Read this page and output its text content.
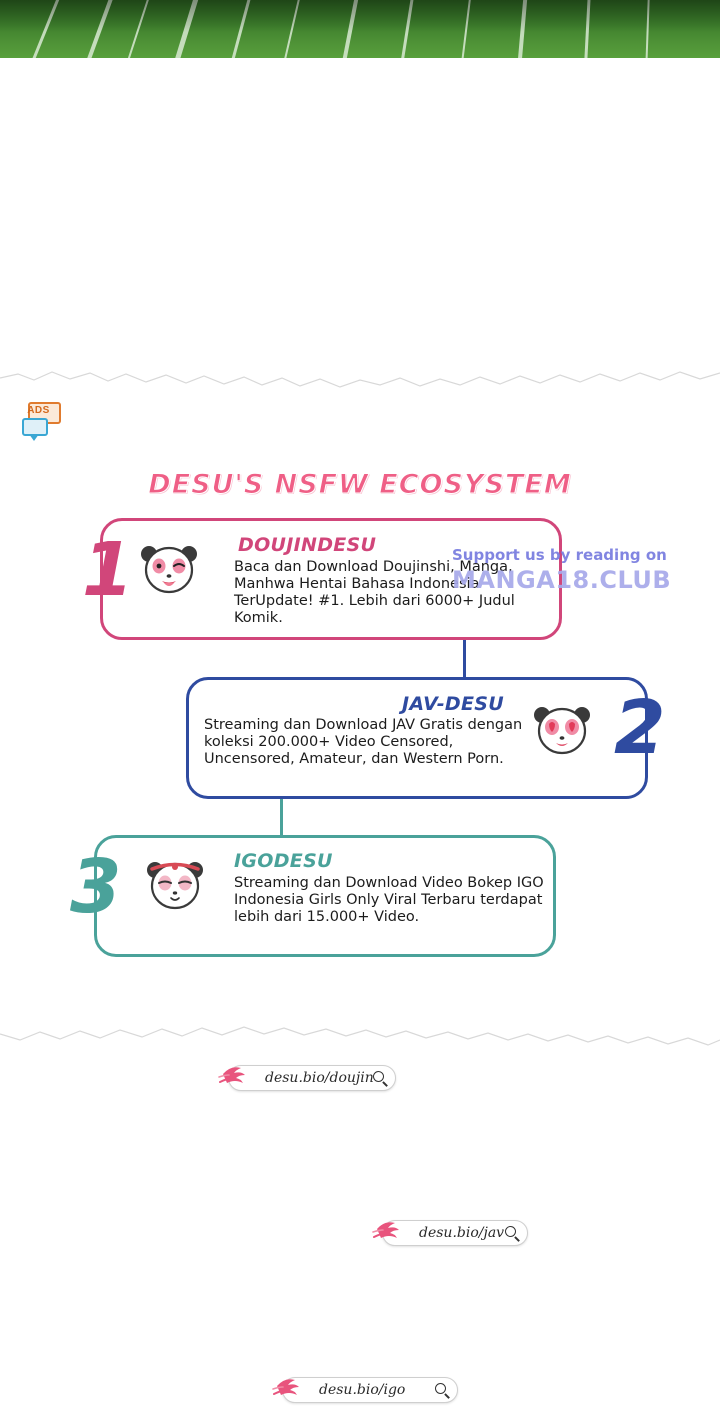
ADS
DESU'S NSFW ECOSYSTEM
1	DOUJINDESU
Baca dan Download Doujinshi, Manga, Manhwa Hentai Bahasa Indonesia TerUpdate! #1. Lebih dari 6000+ Judul Komik.
desu.bio/doujin
2
JAV-DESU
Streaming dan Download JAV Gratis dengan koleksi 200.000+ Video Censored, Uncensored, Amateur, dan Western Porn.
desu.bio/jav
3	IGODESU
Streaming dan Download Video Bokep IGO Indonesia Girls Only Viral Terbaru terdapat lebih dari 15.000+ Video.
desu.bio/igo
Support us by reading on
MANGA18.CLUB
